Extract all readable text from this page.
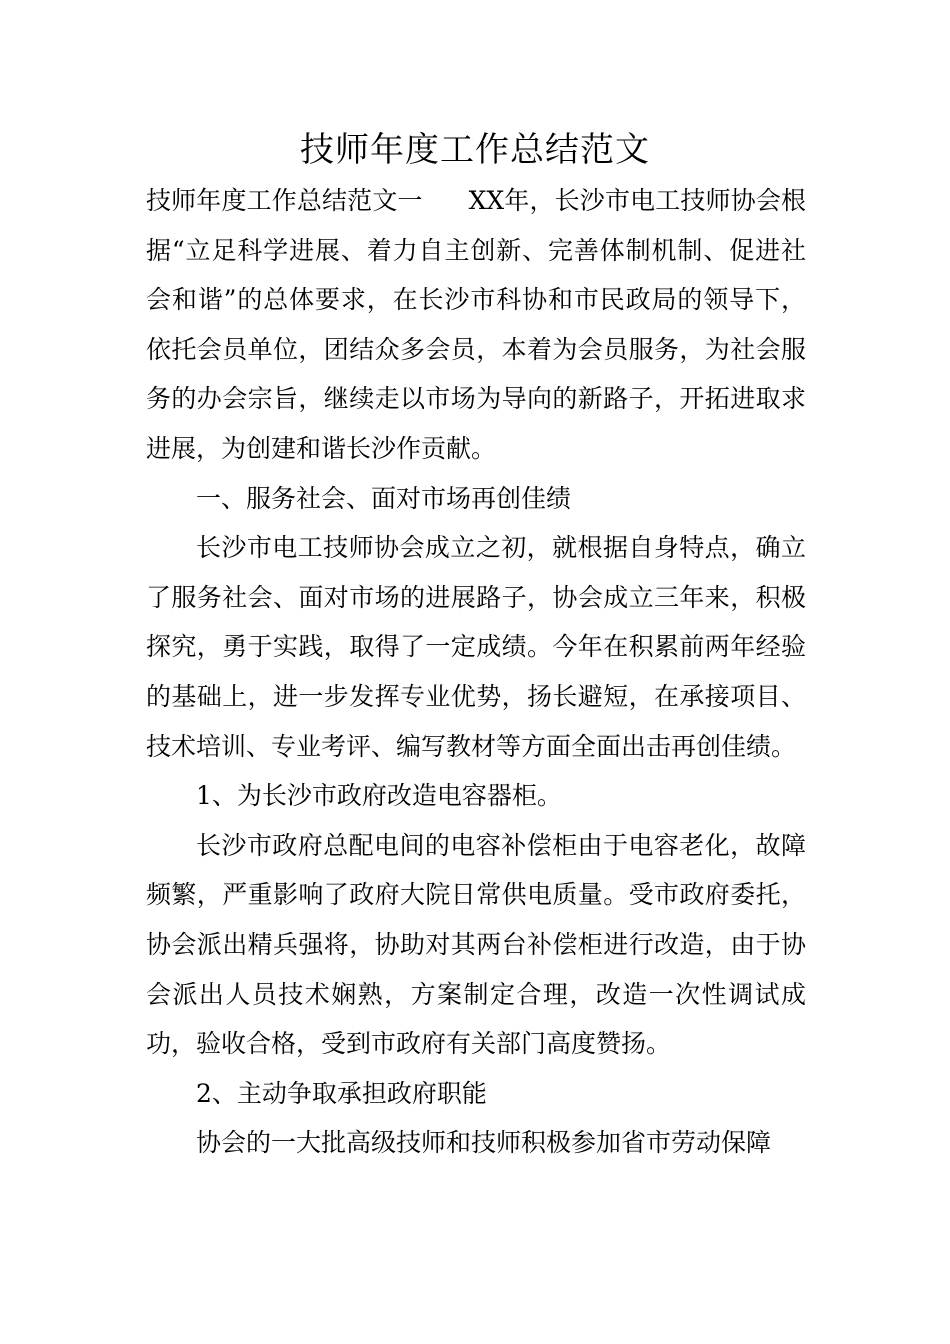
技师年度工作总结范文

技师年度工作总结范文一 XX年，长沙市电工技师协会根据“立足科学进展、着力自主创新、完善体制机制、促进社会和谐”的总体要求，在长沙市科协和市民政局的领导下，依托会员单位，团结众多会员，本着为会员服务，为社会服务的办会宗旨，继续走以市场为导向的新路子，开拓进取求进展，为创建和谐长沙作贡献。

一、服务社会、面对市场再创佳绩

长沙市电工技师协会成立之初，就根据自身特点，确立了服务社会、面对市场的进展路子，协会成立三年来，积极探究，勇于实践，取得了一定成绩。今年在积累前两年经验的基础上，进一步发挥专业优势，扬长避短，在承接项目、技术培训、专业考评、编写教材等方面全面出击再创佳绩。

1、为长沙市政府改造电容器柜。

长沙市政府总配电间的电容补偿柜由于电容老化，故障频繁，严重影响了政府大院日常供电质量。受市政府委托，协会派出精兵强将，协助对其两台补偿柜进行改造，由于协会派出人员技术娴熟，方案制定合理，改造一次性调试成功，验收合格，受到市政府有关部门高度赞扬。

2、主动争取承担政府职能

协会的一大批高级技师和技师积极参加省市劳动保障
